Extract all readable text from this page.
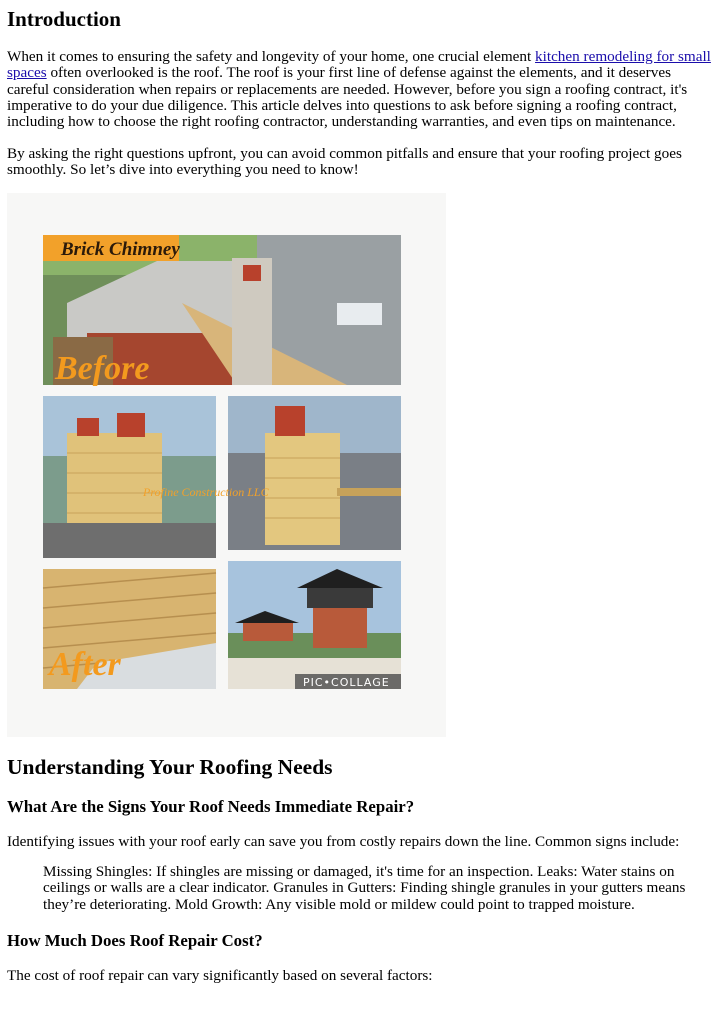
Introduction

When it comes to ensuring the safety and longevity of your home, one crucial element kitchen remodeling for small spaces often overlooked is the roof. The roof is your first line of defense against the elements, and it deserves careful consideration when repairs or replacements are needed. However, before you sign a roofing contract, it's imperative to do your due diligence. This article delves into questions to ask before signing a roofing contract, including how to choose the right roofing contractor, understanding warranties, and even tips on maintenance.

By asking the right questions upfront, you can avoid common pitfalls and ensure that your roofing project goes smoothly. So let’s dive into everything you need to know!

Brick Chimney
Before
Profine Construction LLC
After	PIC•COLLAGE
Understanding Your Roofing Needs
What Are the Signs Your Roof Needs Immediate Repair?

Identifying issues with your roof early can save you from costly repairs down the line. Common signs include:

Missing Shingles: If shingles are missing or damaged, it's time for an inspection. Leaks: Water stains on ceilings or walls are a clear indicator. Granules in Gutters: Finding shingle granules in your gutters means they’re deteriorating. Mold Growth: Any visible mold or mildew could point to trapped moisture.

How Much Does Roof Repair Cost?

The cost of roof repair can vary significantly based on several factors:
